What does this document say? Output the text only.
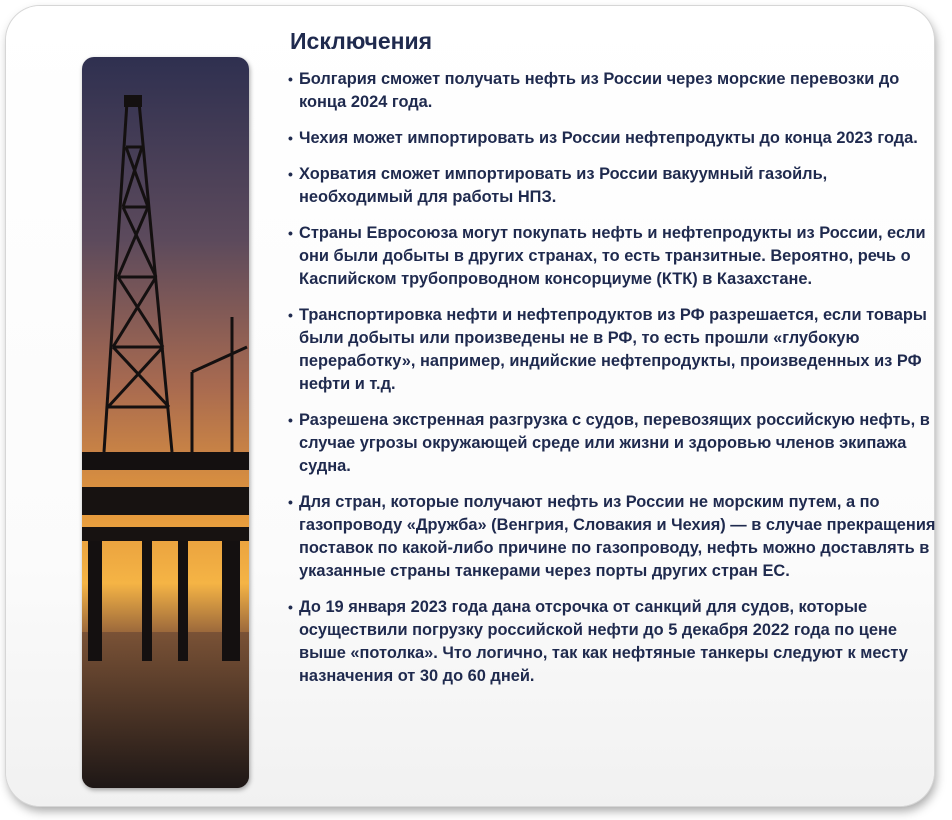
Исключения
• Болгария сможет получать нефть из России через морские перевозки до конца 2024 года.
• Чехия может импортировать из России нефтепродукты до конца 2023 года.
• Хорватия сможет импортировать из России вакуумный газойль, необходимый для работы НПЗ.
• Страны Евросоюза могут покупать нефть и нефтепродукты из России, если они были добыты в других странах, то есть транзитные. Вероятно, речь о Каспийском трубопроводном консорциуме (КТК) в Казахстане.
• Транспортировка нефти и нефтепродуктов из РФ разрешается, если товары были добыты или произведены не в РФ, то есть прошли «глубокую переработку», например, индийские нефтепродукты, произведенных из РФ нефти и т.д.
• Разрешена экстренная разгрузка с судов, перевозящих российскую нефть, в случае угрозы окружающей среде или жизни и здоровью членов экипажа судна.
• Для стран, которые получают нефть из России не морским путем, а по газопроводу «Дружба» (Венгрия, Словакия и Чехия) — в случае прекращения поставок по какой-либо причине по газопроводу, нефть можно доставлять в указанные страны танкерами через порты других стран ЕС.
• До 19 января 2023 года дана отсрочка от санкций для судов, которые осуществили погрузку российской нефти до 5 декабря 2022 года по цене выше «потолка». Что логично, так как нефтяные танкеры следуют к месту назначения от 30 до 60 дней.
